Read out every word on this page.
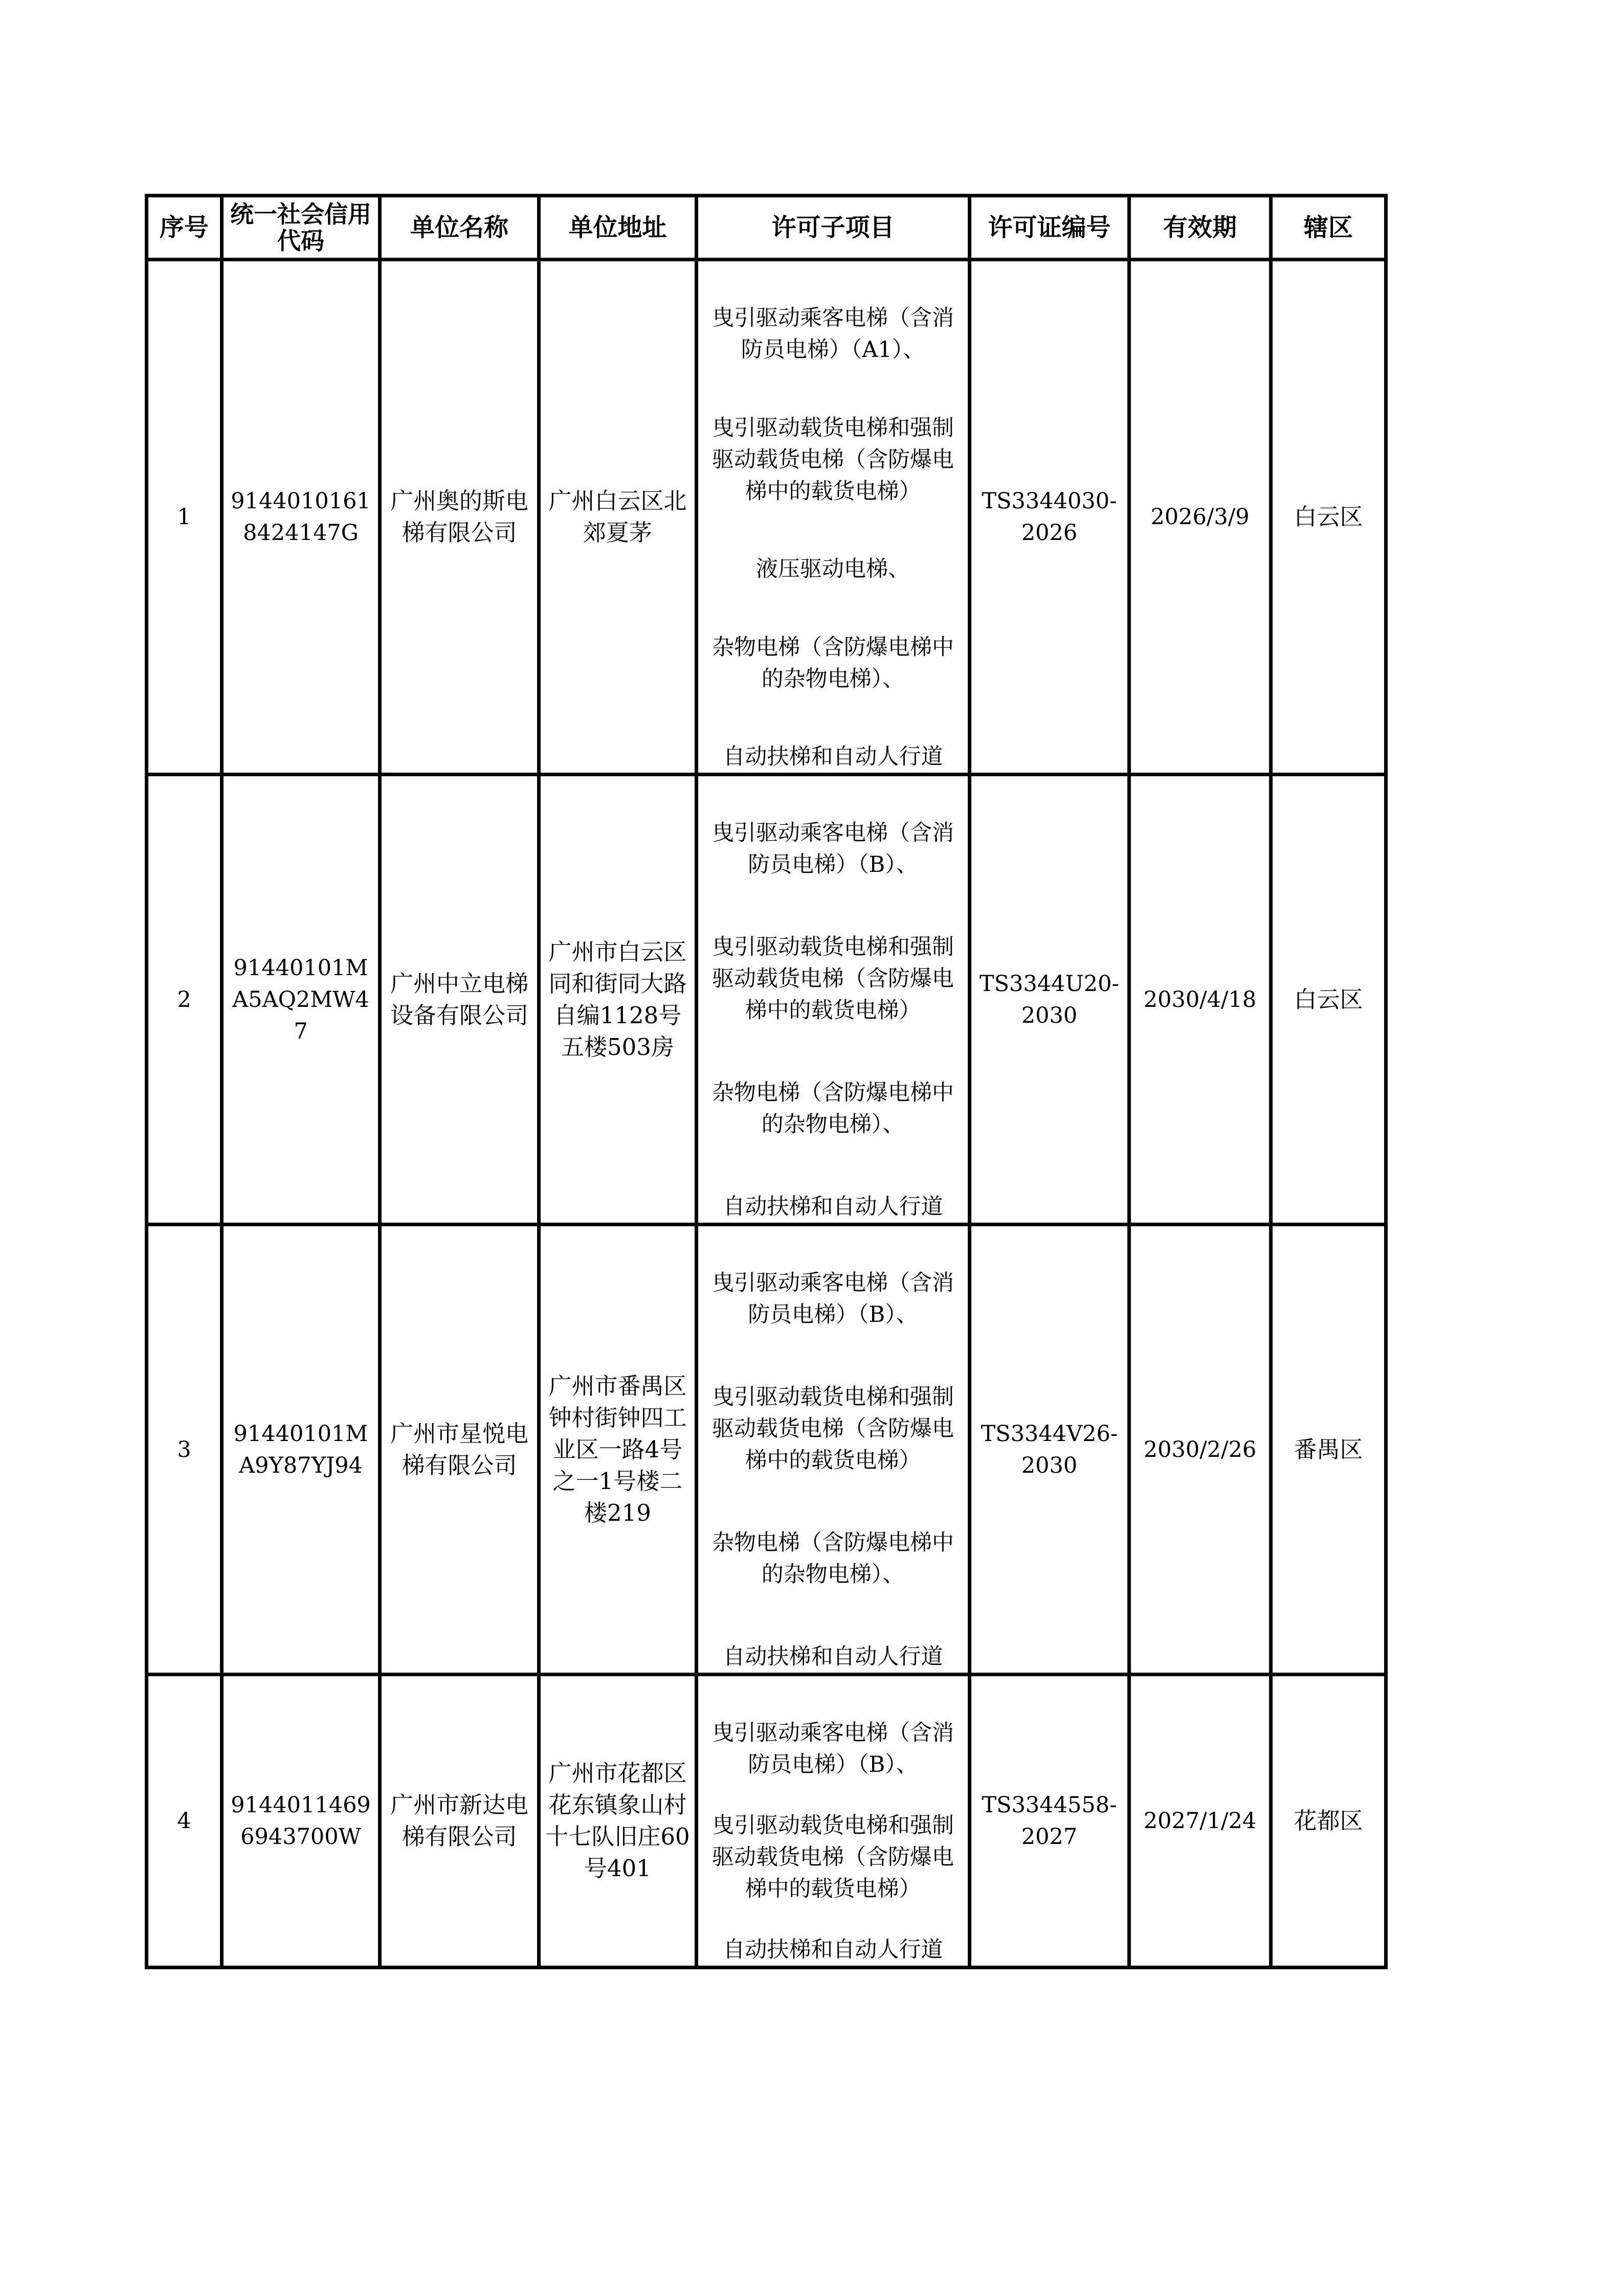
序号	统一社会信用代码	单位名称	单位地址	许可子项目	许可证编号	有效期	辖区

1	91440101618424147G	广州奥的斯电梯有限公司	广州白云区北郊夏茅	曳引驱动乘客电梯（含消防员电梯）（A1）、
曳引驱动载货电梯和强制驱动载货电梯（含防爆电梯中的载货电梯）
液压驱动电梯、
杂物电梯（含防爆电梯中的杂物电梯）、
自动扶梯和自动人行道	TS3344030-2026	2026/3/9	白云区

2	91440101MA5AQ2MW47	广州中立电梯设备有限公司	广州市白云区同和街同大路自编1128号五楼503房	曳引驱动乘客电梯（含消防员电梯）（B）、
曳引驱动载货电梯和强制驱动载货电梯（含防爆电梯中的载货电梯）
杂物电梯（含防爆电梯中的杂物电梯）、
自动扶梯和自动人行道	TS3344U20-2030	2030/4/18	白云区

3	91440101MA9Y87YJ94	广州市星悦电梯有限公司	广州市番禺区钟村街钟四工业区一路4号之一1号楼二楼219	曳引驱动乘客电梯（含消防员电梯）（B）、
曳引驱动载货电梯和强制驱动载货电梯（含防爆电梯中的载货电梯）
杂物电梯（含防爆电梯中的杂物电梯）、
自动扶梯和自动人行道	TS3344V26-2030	2030/2/26	番禺区

4	91440114696943700W	广州市新达电梯有限公司	广州市花都区花东镇象山村十七队旧庄60号401	曳引驱动乘客电梯（含消防员电梯）（B）、
曳引驱动载货电梯和强制驱动载货电梯（含防爆电梯中的载货电梯）
自动扶梯和自动人行道	TS3344558-2027	2027/1/24	花都区
